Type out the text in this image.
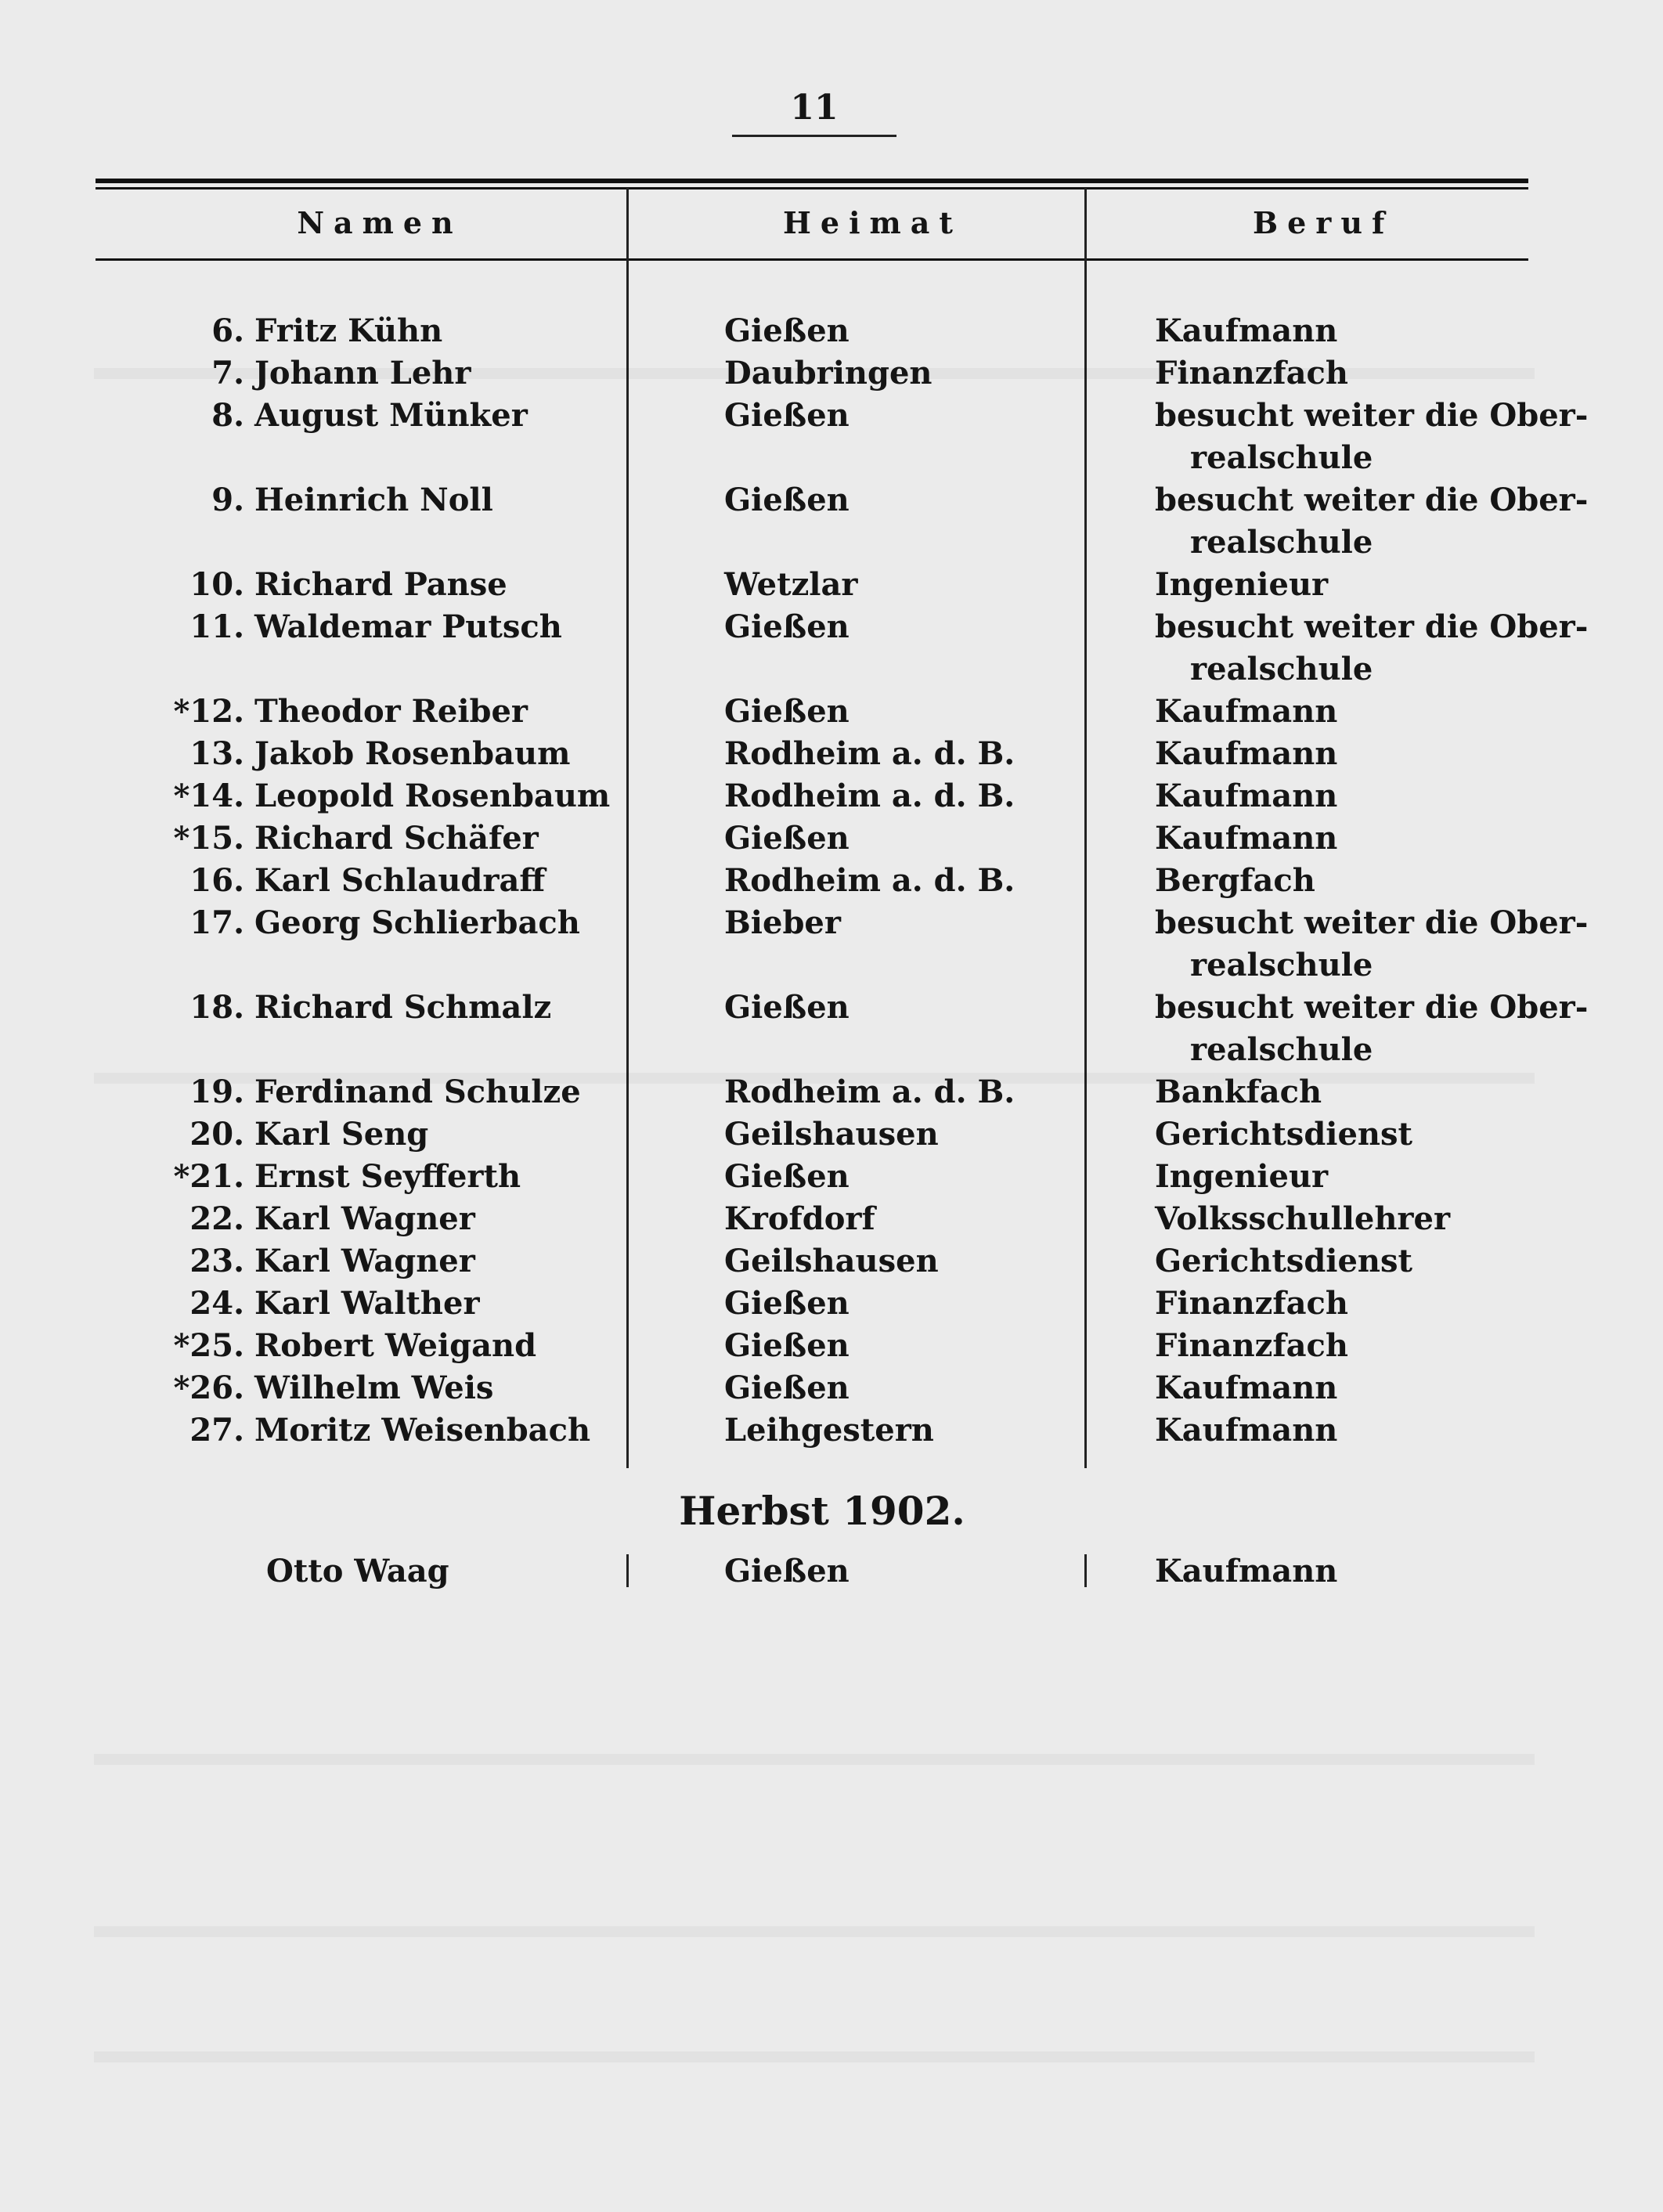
11
Namen	Heimat	Beruf
6. Fritz Kühn	Gießen	Kaufmann
7. Johann Lehr	Daubringen	Finanzfach
8. August Münker	Gießen	besucht weiter die Ober-
realschule
9. Heinrich Noll	Gießen	besucht weiter die Ober-
realschule
10. Richard Panse	Wetzlar	Ingenieur
11. Waldemar Putsch	Gießen	besucht weiter die Ober-
realschule
*12. Theodor Reiber	Gießen	Kaufmann
13. Jakob Rosenbaum	Rodheim a. d. B.	Kaufmann
*14. Leopold Rosenbaum	Rodheim a. d. B.	Kaufmann
*15. Richard Schäfer	Gießen	Kaufmann
16. Karl Schlaudraff	Rodheim a. d. B.	Bergfach
17. Georg Schlierbach	Bieber	besucht weiter die Ober-
realschule
18. Richard Schmalz	Gießen	besucht weiter die Ober-
realschule
19. Ferdinand Schulze	Rodheim a. d. B.	Bankfach
20. Karl Seng	Geilshausen	Gerichtsdienst
*21. Ernst Seyfferth	Gießen	Ingenieur
22. Karl Wagner	Krofdorf	Volksschullehrer
23. Karl Wagner	Geilshausen	Gerichtsdienst
24. Karl Walther	Gießen	Finanzfach
*25. Robert Weigand	Gießen	Finanzfach
*26. Wilhelm Weis	Gießen	Kaufmann
27. Moritz Weisenbach	Leihgestern	Kaufmann
Herbst 1902.
Otto Waag	Gießen	Kaufmann
